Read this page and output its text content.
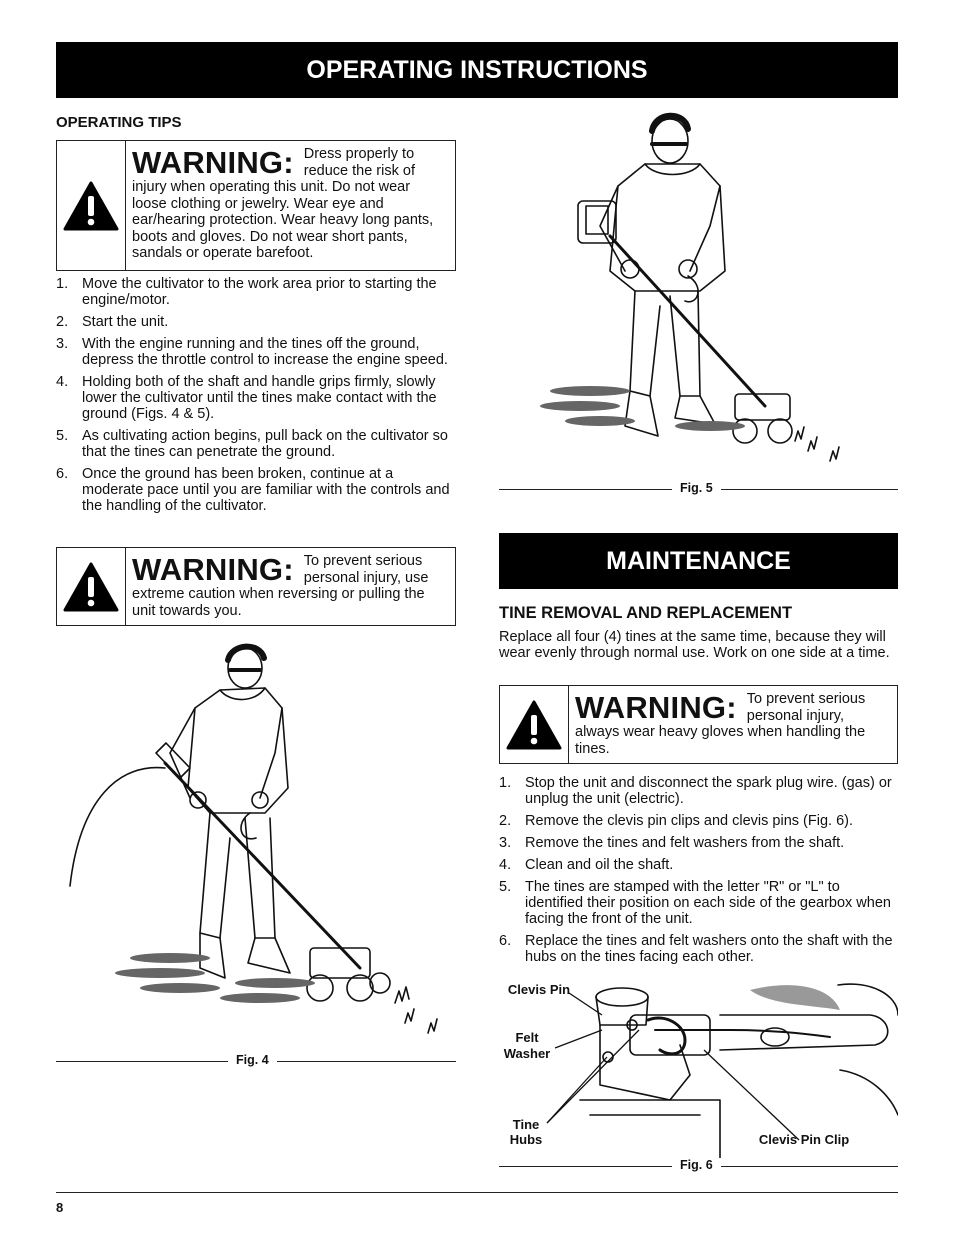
OPERATING INSTRUCTIONS
OPERATING TIPS
WARNING: Dress properly to reduce the risk of injury when operating this unit. Do not wear loose clothing or jewelry. Wear eye and ear/hearing protection. Wear heavy long pants, boots and gloves. Do not wear short pants, sandals or operate barefoot.
1. Move the cultivator to the work area prior to starting the engine/motor.
2. Start the unit.
3. With the engine running and the tines off the ground, depress the throttle control to increase the engine speed.
4. Holding both of the shaft and handle grips firmly, slowly lower the cultivator until the tines make contact with the ground (Figs. 4 & 5).
5. As cultivating action begins, pull back on the cultivator so that the tines can penetrate the ground.
6. Once the ground has been broken, continue at a moderate pace until you are familiar with the controls and the handling of the cultivator.
WARNING: To prevent serious personal injury, use extreme caution when reversing or pulling the unit towards you.
Fig. 4
Fig. 5
MAINTENANCE
TINE REMOVAL AND REPLACEMENT
Replace all four (4) tines at the same time, because they will wear evenly through normal use. Work on one side at a time.
WARNING: To prevent serious personal injury, always wear heavy gloves when handling the tines.
1. Stop the unit and disconnect the spark plug wire. (gas) or unplug the unit (electric).
2. Remove the clevis pin clips and clevis pins (Fig. 6).
3. Remove the tines and felt washers from the shaft.
4. Clean and oil the shaft.
5. The tines are stamped with the letter "R" or "L" to identified their position on each side of the gearbox when facing the front of the unit.
6. Replace the tines and felt washers onto the shaft with the hubs on the tines facing each other.
Clevis Pin
Felt
Washer
Tine
Hubs	Clevis Pin Clip
Fig. 6
8
